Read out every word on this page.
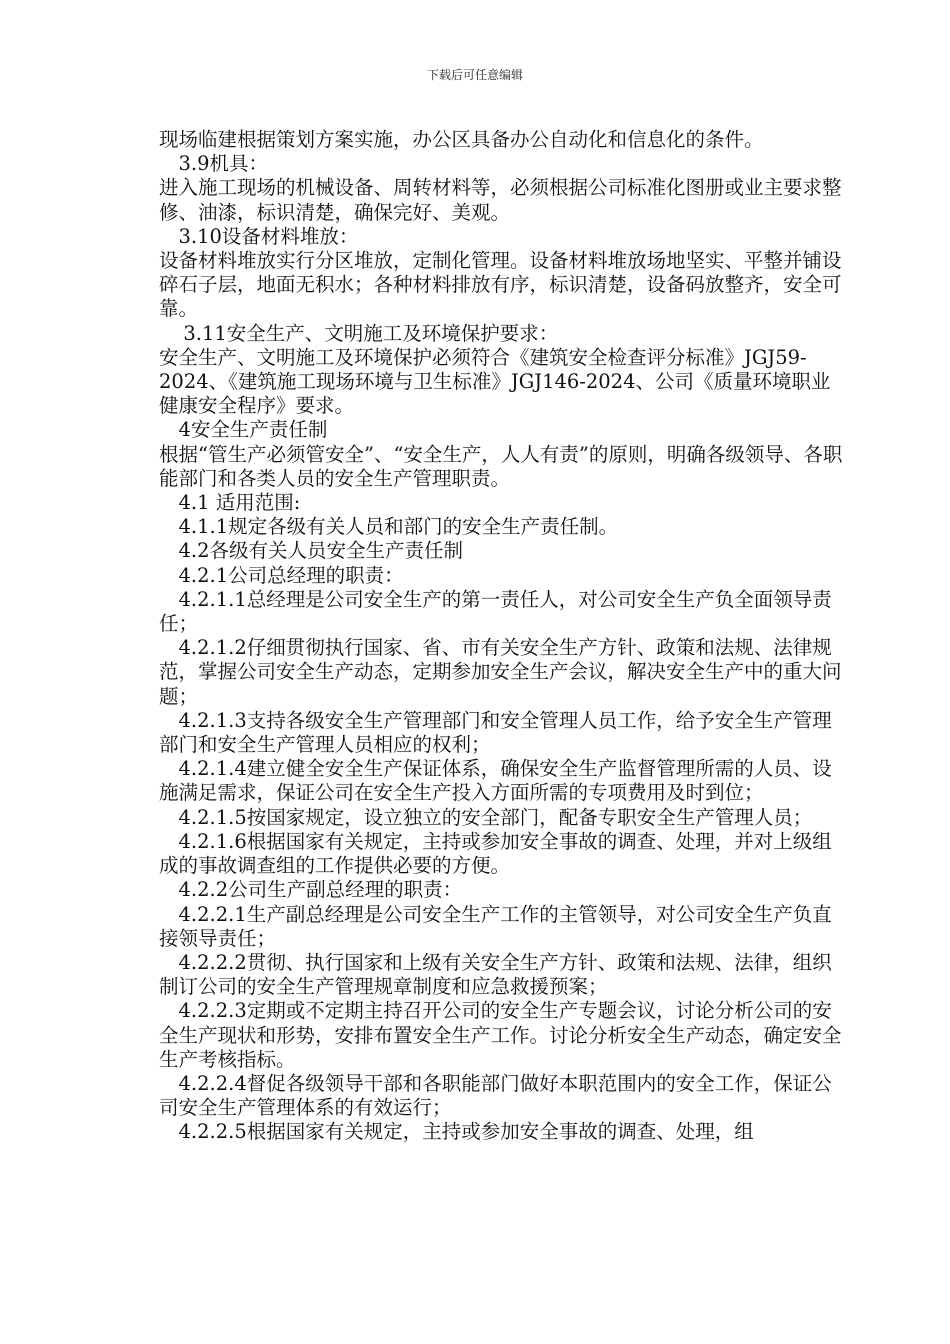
下载后可任意编辑

现场临建根据策划方案实施，办公区具备办公自动化和信息化的条件。

3.9机具：

进入施工现场的机械设备、周转材料等，必须根据公司标准化图册或业主要求整修、油漆，标识清楚，确保完好、美观。

3.10设备材料堆放：

设备材料堆放实行分区堆放，定制化管理。设备材料堆放场地坚实、平整并铺设碎石子层，地面无积水；各种材料排放有序，标识清楚，设备码放整齐，安全可靠。

3.11安全生产、文明施工及环境保护要求：

安全生产、文明施工及环境保护必须符合《建筑安全检查评分标准》JGJ59-2024、《建筑施工现场环境与卫生标准》JGJ146-2024、公司《质量环境职业健康安全程序》要求。

4安全生产责任制

根据“管生产必须管安全”、“安全生产，人人有责”的原则，明确各级领导、各职能部门和各类人员的安全生产管理职责。

4.1 适用范围:

4.1.1规定各级有关人员和部门的安全生产责任制。

4.2各级有关人员安全生产责任制

4.2.1公司总经理的职责：

4.2.1.1总经理是公司安全生产的第一责任人，对公司安全生产负全面领导责任；

4.2.1.2仔细贯彻执行国家、省、市有关安全生产方针、政策和法规、法律规范，掌握公司安全生产动态，定期参加安全生产会议，解决安全生产中的重大问题；

4.2.1.3支持各级安全生产管理部门和安全管理人员工作，给予安全生产管理部门和安全生产管理人员相应的权利；

4.2.1.4建立健全安全生产保证体系，确保安全生产监督管理所需的人员、设施满足需求，保证公司在安全生产投入方面所需的专项费用及时到位；

4.2.1.5按国家规定，设立独立的安全部门，配备专职安全生产管理人员；

4.2.1.6根据国家有关规定，主持或参加安全事故的调查、处理，并对上级组成的事故调查组的工作提供必要的方便。

4.2.2公司生产副总经理的职责：

4.2.2.1生产副总经理是公司安全生产工作的主管领导，对公司安全生产负直接领导责任；

4.2.2.2贯彻、执行国家和上级有关安全生产方针、政策和法规、法律，组织制订公司的安全生产管理规章制度和应急救援预案；

4.2.2.3定期或不定期主持召开公司的安全生产专题会议，讨论分析公司的安全生产现状和形势，安排布置安全生产工作。讨论分析安全生产动态，确定安全生产考核指标。

4.2.2.4督促各级领导干部和各职能部门做好本职范围内的安全工作，保证公司安全生产管理体系的有效运行；

4.2.2.5根据国家有关规定，主持或参加安全事故的调查、处理，组
